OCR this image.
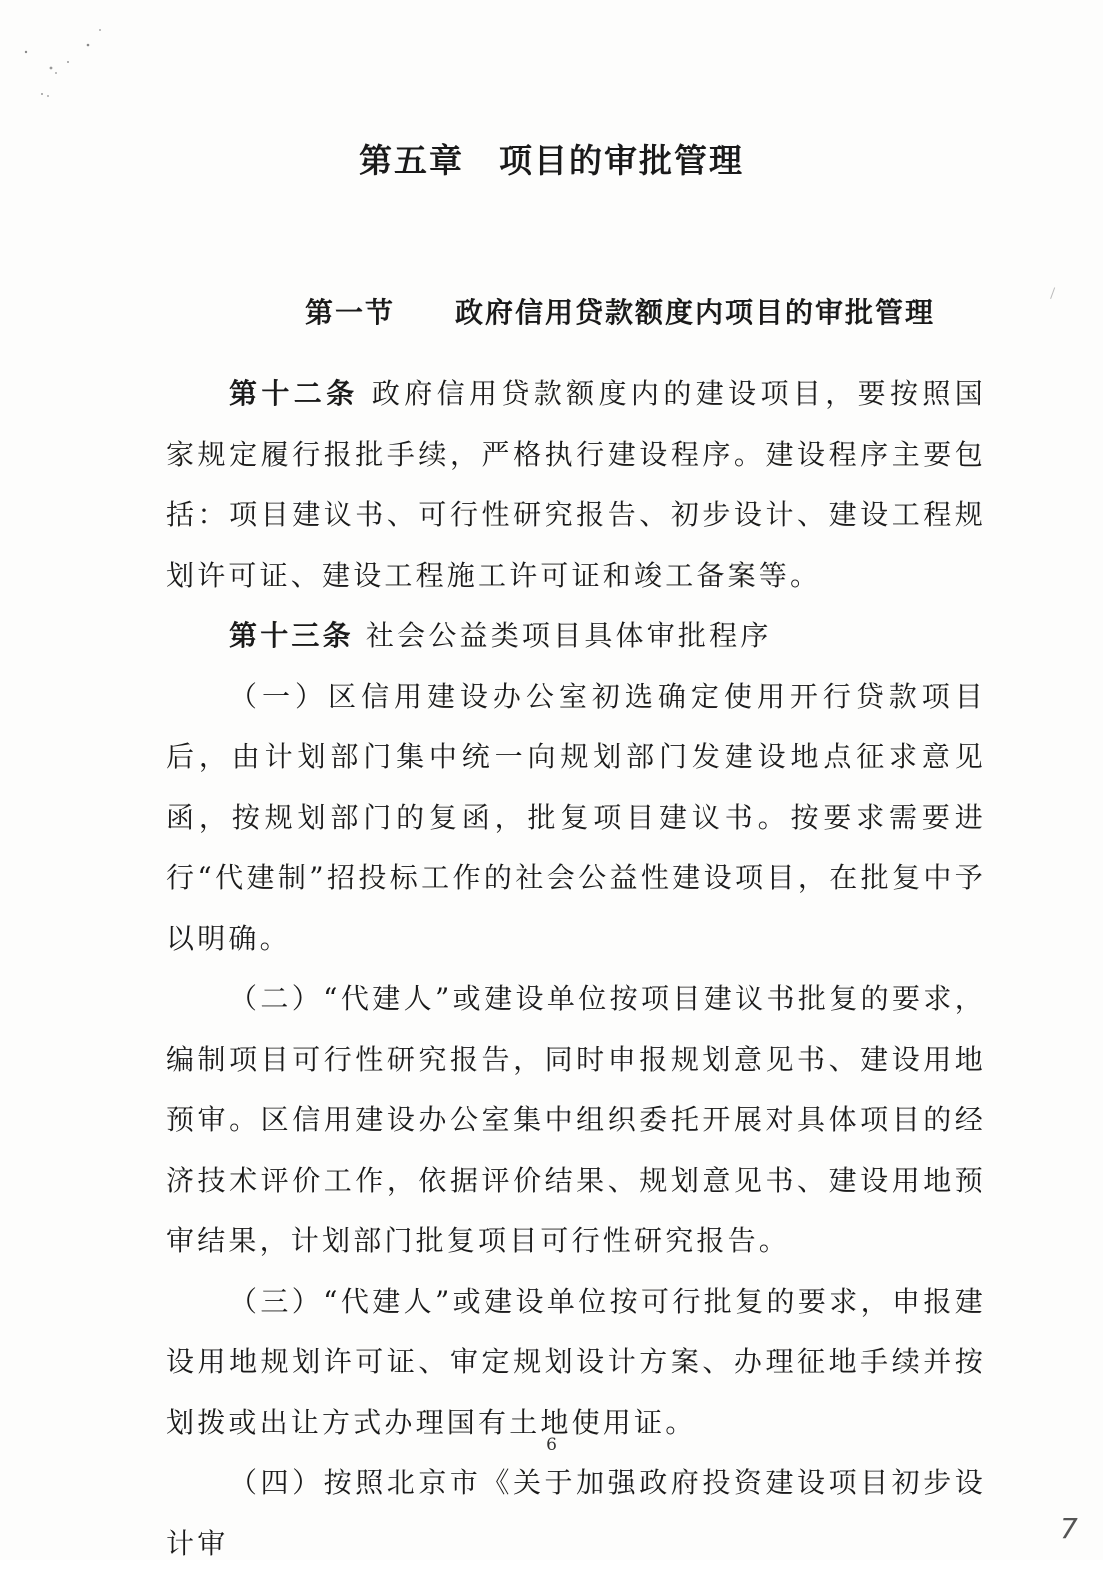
第五章　项目的审批管理

第一节 政府信用贷款额度内项目的审批管理

第十二条 政府信用贷款额度内的建设项目，要按照国家规定履行报批手续，严格执行建设程序。建设程序主要包括：项目建议书、可行性研究报告、初步设计、建设工程规划许可证、建设工程施工许可证和竣工备案等。

第十三条 社会公益类项目具体审批程序

（一）区信用建设办公室初选确定使用开行贷款项目后，由计划部门集中统一向规划部门发建设地点征求意见函，按规划部门的复函，批复项目建议书。按要求需要进行“代建制”招投标工作的社会公益性建设项目，在批复中予以明确。

（二）“代建人”或建设单位按项目建议书批复的要求，编制项目可行性研究报告，同时申报规划意见书、建设用地预审。区信用建设办公室集中组织委托开展对具体项目的经济技术评价工作，依据评价结果、规划意见书、建设用地预审结果，计划部门批复项目可行性研究报告。

（三）“代建人”或建设单位按可行批复的要求，申报建设用地规划许可证、审定规划设计方案、办理征地手续并按划拨或出让方式办理国有土地使用证。

（四）按照北京市《关于加强政府投资建设项目初步设计审

6
7
